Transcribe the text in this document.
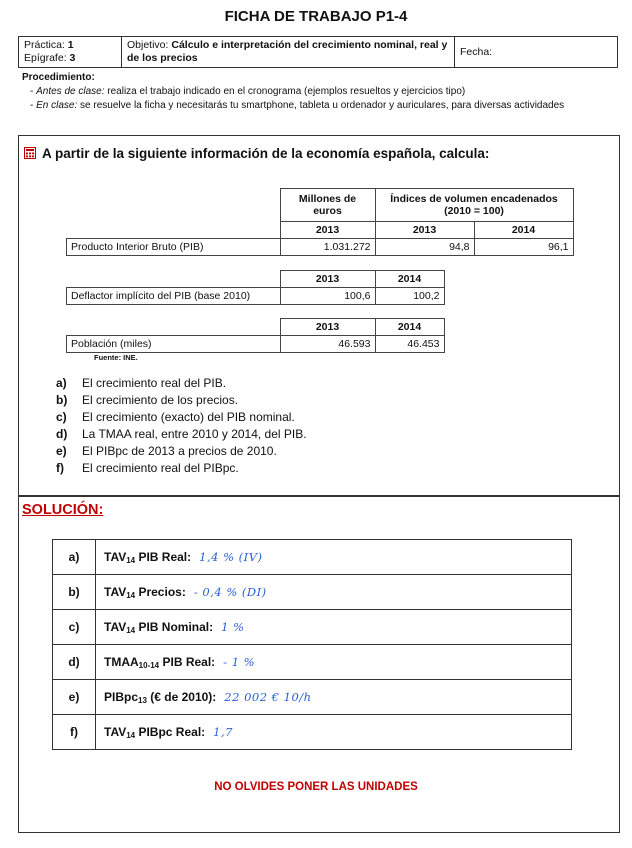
FICHA DE TRABAJO P1-4
Práctica: 1
Epígrafe: 3	Objetivo: Cálculo e interpretación del crecimiento nominal, real y de los precios	Fecha:
Procedimiento:
- Antes de clase: realiza el trabajo indicado en el cronograma (ejemplos resueltos y ejercicios tipo)
- En clase: se resuelve la ficha y necesitarás tu smartphone, tableta u ordenador y auriculares, para diversas actividades
A partir de la siguiente información de la economía española, calcula:
	Millones de euros	Índices de volumen encadenados (2010 = 100)	
	2013	2013	2014
Producto Interior Bruto (PIB)	1.031.272	94,8	96,1
	2013	2014
Deflactor implícito del PIB (base 2010)	100,6	100,2
	2013	2014
Población (miles)	46.593	46.453
Fuente: INE.
a) El crecimiento real del PIB.
b) El crecimiento de los precios.
c) El crecimiento (exacto) del PIB nominal.
d) La TMAA real, entre 2010 y 2014, del PIB.
e) El PIBpc de 2013 a precios de 2010.
f) El crecimiento real del PIBpc.
SOLUCIÓN:
a)	$TAV_{14}$ PIB Real: 1,4 % (IV)
b)	$TAV_{14}$ Precios: - 0,4 % (DI)
c)	$TAV_{14}$ PIB Nominal: 1 %
d)	$TMAA_{10-14}$ PIB Real: - 1 %
e)	PIBpc$_{13}$ (€ de 2010): 22 002 € 10/h
f)	$TAV_{14}$ PIBpc Real: 1,7
NO OLVIDES PONER LAS UNIDADES
